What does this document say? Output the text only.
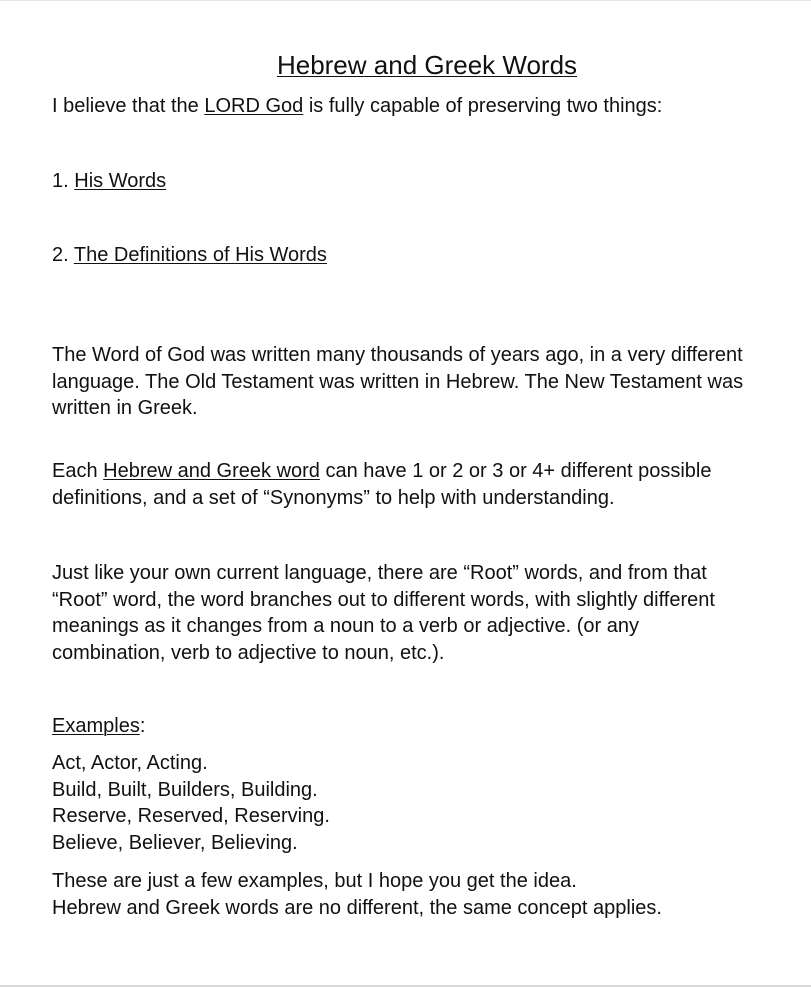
Hebrew and Greek Words
I believe that the LORD God is fully capable of preserving two things:
1. His Words
2. The Definitions of His Words
The Word of God was written many thousands of years ago, in a very different
language. The Old Testament was written in Hebrew. The New Testament was
written in Greek.
Each Hebrew and Greek word can have 1 or 2 or 3 or 4+ different possible
definitions, and a set of “Synonyms” to help with understanding.
Just like your own current language, there are “Root” words, and from that
“Root” word, the word branches out to different words, with slightly different
meanings as it changes from a noun to a verb or adjective. (or any
combination, verb to adjective to noun, etc.).
Examples:
Act, Actor, Acting.
Build, Built, Builders, Building.
Reserve, Reserved, Reserving.
Believe, Believer, Believing.
These are just a few examples, but I hope you get the idea.
Hebrew and Greek words are no different, the same concept applies.
